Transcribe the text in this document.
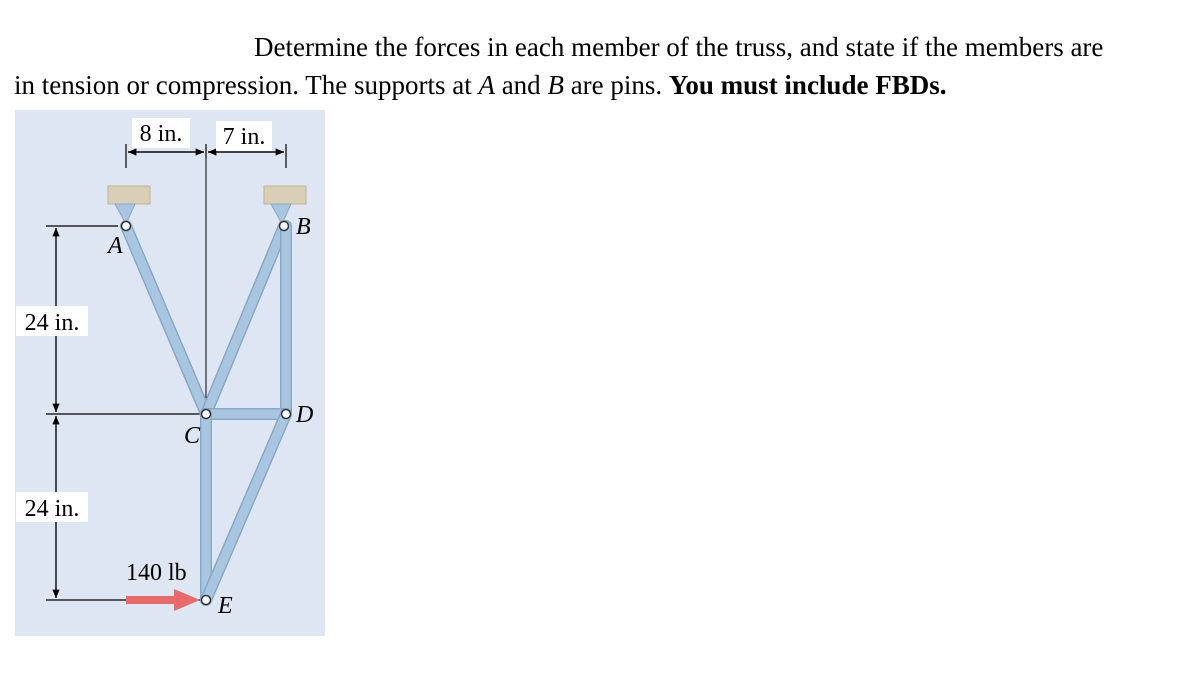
Determine the forces in each member of the truss, and state if the members are
in tension or compression. The supports at A and B are pins. You must include FBDs.
8 in. 7 in.
24 in.
24 in.
A
B
C
D
E
140 lb
